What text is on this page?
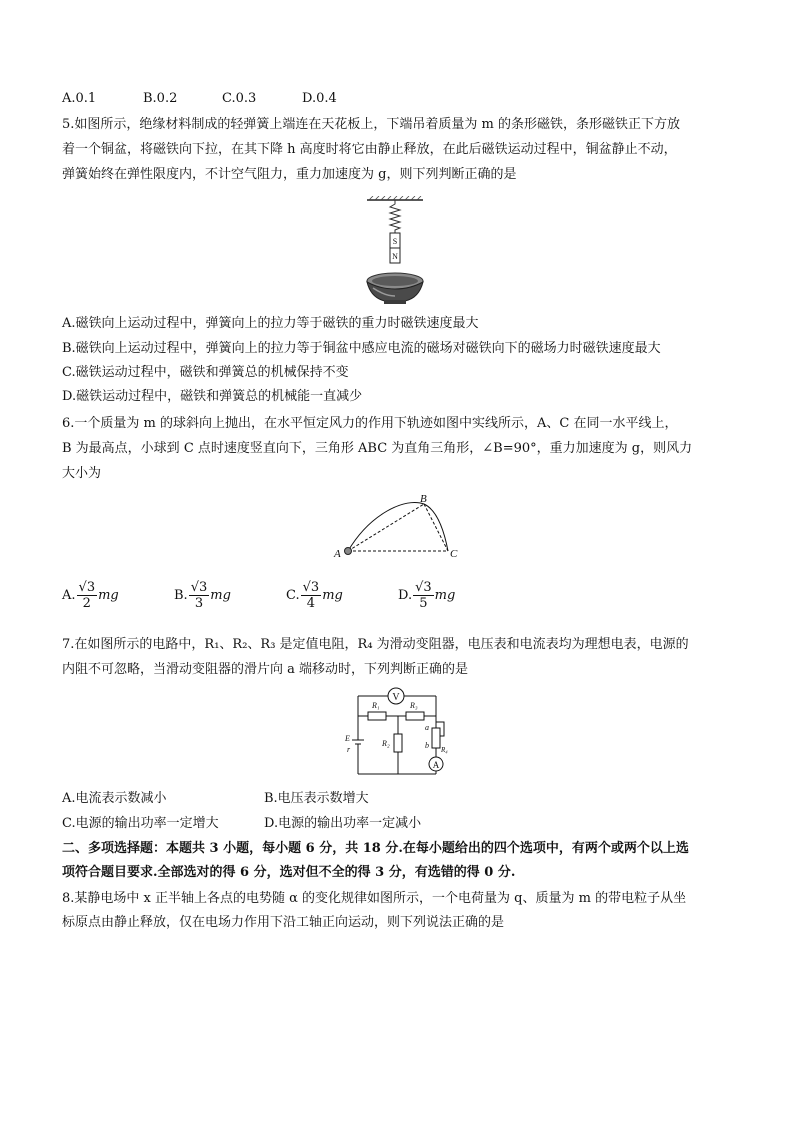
A.0.1	B.0.2	C.0.3	D.0.4
5.如图所示，绝缘材料制成的轻弹簧上端连在天花板上，下端吊着质量为 m 的条形磁铁，条形磁铁正下方放
着一个铜盆，将磁铁向下拉，在其下降 h 高度时将它由静止释放，在此后磁铁运动过程中，铜盆静止不动，
弹簧始终在弹性限度内，不计空气阻力，重力加速度为 g，则下列判断正确的是
S
N
A.磁铁向上运动过程中，弹簧向上的拉力等于磁铁的重力时磁铁速度最大
B.磁铁向上运动过程中，弹簧向上的拉力等于铜盆中感应电流的磁场对磁铁向下的磁场力时磁铁速度最大
C.磁铁运动过程中，磁铁和弹簧总的机械保持不变
D.磁铁运动过程中，磁铁和弹簧总的机械能一直减少
6.一个质量为 m 的球斜向上抛出，在水平恒定风力的作用下轨迹如图中实线所示，A、C 在同一水平线上，
B 为最高点，小球到 C 点时速度竖直向下，三角形 ABC 为直角三角形，∠B=90°，重力加速度为 g，则风力
大小为
A
B
C
A. $\frac{√3}{2}$ mg	B. $\frac{√3}{3}$ mg	C. $\frac{√3}{4}$ mg	D. $\frac{√3}{5}$ mg
7.在如图所示的电路中，R₁、R₂、R₃ 是定值电阻，R₄ 为滑动变阻器，电压表和电流表均为理想电表，电源的
内阻不可忽略，当滑动变阻器的滑片向 a 端移动时，下列判断正确的是
V
A
R₁	R₃
R₂
R₄
E
r
a
b
A.电流表示数减小	B.电压表示数增大
C.电源的输出功率一定增大	D.电源的输出功率一定减小
二、多项选择题：本题共 3 小题，每小题 6 分，共 18 分.在每小题给出的四个选项中，有两个或两个以上选
项符合题目要求.全部选对的得 6 分，选对但不全的得 3 分，有选错的得 0 分.
8.某静电场中 x 正半轴上各点的电势随 α 的变化规律如图所示，一个电荷量为 q、质量为 m 的带电粒子从坐
标原点由静止释放，仅在电场力作用下沿工轴正向运动，则下列说法正确的是
